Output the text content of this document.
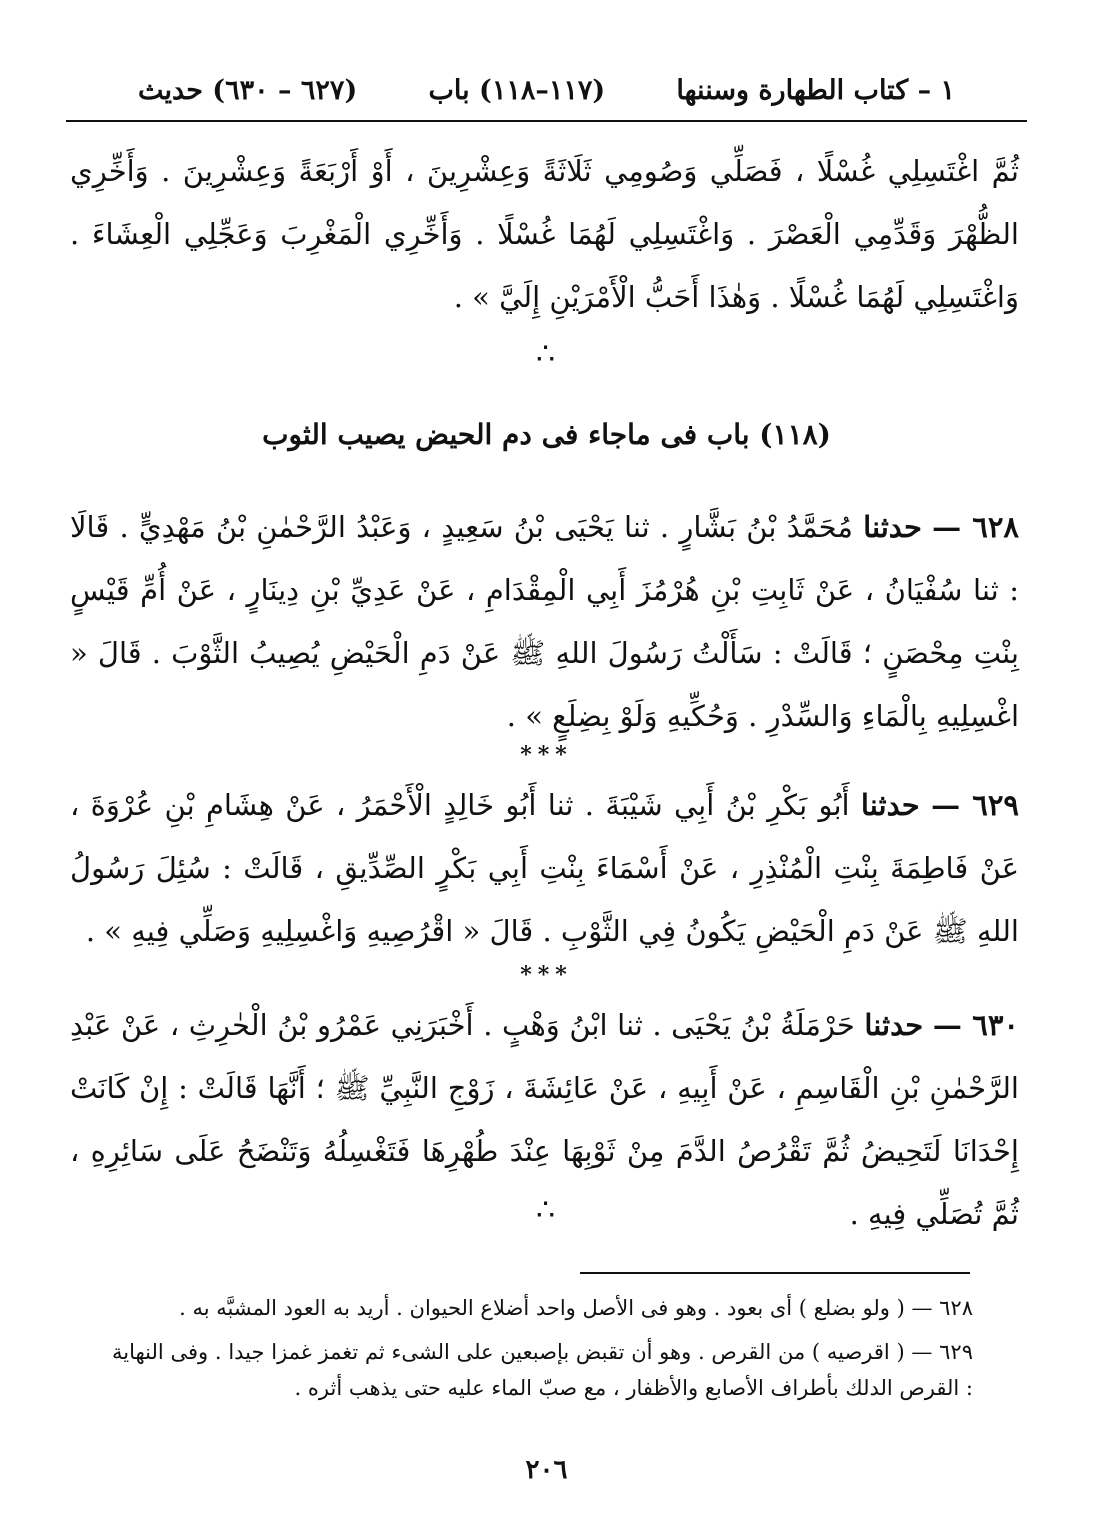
١ – كتاب الطهارة وسننها
(١١٧–١١٨) باب
(٦٢٧ – ٦٣٠) حديث

ثُمَّ اغْتَسِلِي غُسْلًا ، فَصَلِّي وَصُومِي ثَلَاثَةً وَعِشْرِينَ ، أَوْ أَرْبَعَةً وَعِشْرِينَ . وَأَخِّرِي الظُّهْرَ وَقَدِّمِي الْعَصْرَ . وَاغْتَسِلِي لَهُمَا غُسْلًا . وَأَخِّرِي الْمَغْرِبَ وَعَجِّلِي الْعِشَاءَ . وَاغْتَسِلِي لَهُمَا غُسْلًا . وَهٰذَا أَحَبُّ الْأَمْرَيْنِ إِلَيَّ » .

∴
(١١٨) باب فى ماجاء فى دم الحيض يصيب الثوب

٦٢٨ — حدثنا مُحَمَّدُ بْنُ بَشَّارٍ . ثنا يَحْيَى بْنُ سَعِيدٍ ، وَعَبْدُ الرَّحْمٰنِ بْنُ مَهْدِيٍّ . قَالَا : ثنا سُفْيَانُ ، عَنْ ثَابِتِ بْنِ هُرْمُزَ أَبِي الْمِقْدَامِ ، عَنْ عَدِيِّ بْنِ دِينَارٍ ، عَنْ أُمِّ قَيْسٍ بِنْتِ مِحْصَنٍ ؛ قَالَتْ : سَأَلْتُ رَسُولَ اللهِ ﷺ عَنْ دَمِ الْحَيْضِ يُصِيبُ الثَّوْبَ . قَالَ « اغْسِلِيهِ بِالْمَاءِ وَالسِّدْرِ . وَحُكِّيهِ وَلَوْ بِضِلَعٍ » .

***

٦٢٩ — حدثنا أَبُو بَكْرِ بْنُ أَبِي شَيْبَةَ . ثنا أَبُو خَالِدٍ الْأَحْمَرُ ، عَنْ هِشَامِ بْنِ عُرْوَةَ ، عَنْ فَاطِمَةَ بِنْتِ الْمُنْذِرِ ، عَنْ أَسْمَاءَ بِنْتِ أَبِي بَكْرٍ الصِّدِّيقِ ، قَالَتْ : سُئِلَ رَسُولُ اللهِ ﷺ عَنْ دَمِ الْحَيْضِ يَكُونُ فِي الثَّوْبِ . قَالَ « اقْرُصِيهِ وَاغْسِلِيهِ وَصَلِّي فِيهِ » .

***

٦٣٠ — حدثنا حَرْمَلَةُ بْنُ يَحْيَى . ثنا ابْنُ وَهْبٍ . أَخْبَرَنِي عَمْرُو بْنُ الْحٰرِثِ ، عَنْ عَبْدِ الرَّحْمٰنِ بْنِ الْقَاسِمِ ، عَنْ أَبِيهِ ، عَنْ عَائِشَةَ ، زَوْجِ النَّبِيِّ ﷺ ؛ أَنَّهَا قَالَتْ : إِنْ كَانَتْ إِحْدَانَا لَتَحِيضُ ثُمَّ تَقْرُصُ الدَّمَ مِنْ ثَوْبِهَا عِنْدَ طُهْرِهَا فَتَغْسِلُهُ وَتَنْضَحُ عَلَى سَائِرِهِ ، ثُمَّ تُصَلِّي فِيهِ .

∴

٦٢٨ — ( ولو بضلع ) أى بعود . وهو فى الأصل واحد أضلاع الحيوان . أريد به العود المشبَّه به .

٦٢٩ — ( اقرصيه ) من القرص . وهو أن تقبض بإصبعين على الشىء ثم تغمز غمزا جيدا . وفى النهاية : القرص الدلك بأطراف الأصابع والأظفار ، مع صبّ الماء عليه حتى يذهب أثره .

٢٠٦
